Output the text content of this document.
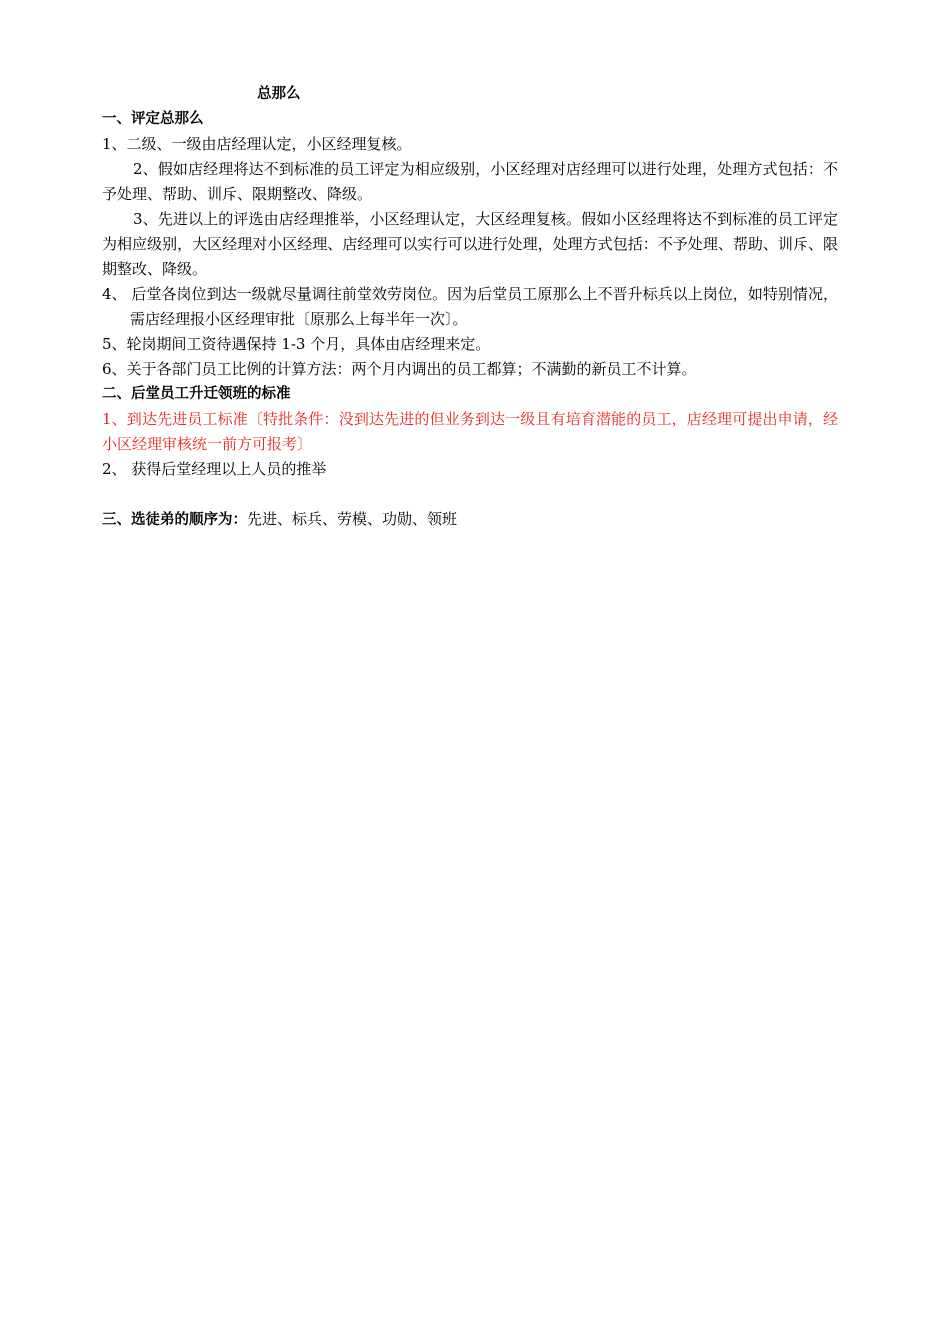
总那么
一、评定总那么
1、二级、一级由店经理认定，小区经理复核。
2、假如店经理将达不到标准的员工评定为相应级别，小区经理对店经理可以进行处理，处理方式包括：不予处理、帮助、训斥、限期整改、降级。
3、先进以上的评选由店经理推举，小区经理认定，大区经理复核。假如小区经理将达不到标准的员工评定为相应级别，大区经理对小区经理、店经理可以实行可以进行处理，处理方式包括：不予处理、帮助、训斥、限期整改、降级。
4、 后堂各岗位到达一级就尽量调往前堂效劳岗位。因为后堂员工原那么上不晋升标兵以上岗位，如特别情况，需店经理报小区经理审批〔原那么上每半年一次〕。
5、轮岗期间工资待遇保持 1-3 个月，具体由店经理来定。
6、关于各部门员工比例的计算方法：两个月内调出的员工都算；不满勤的新员工不计算。
二、后堂员工升迁领班的标准
1、到达先进员工标准〔特批条件：没到达先进的但业务到达一级且有培育潜能的员工，店经理可提出申请，经小区经理审核统一前方可报考〕
2、 获得后堂经理以上人员的推举
三、选徒弟的顺序为：先进、标兵、劳模、功勋、领班
